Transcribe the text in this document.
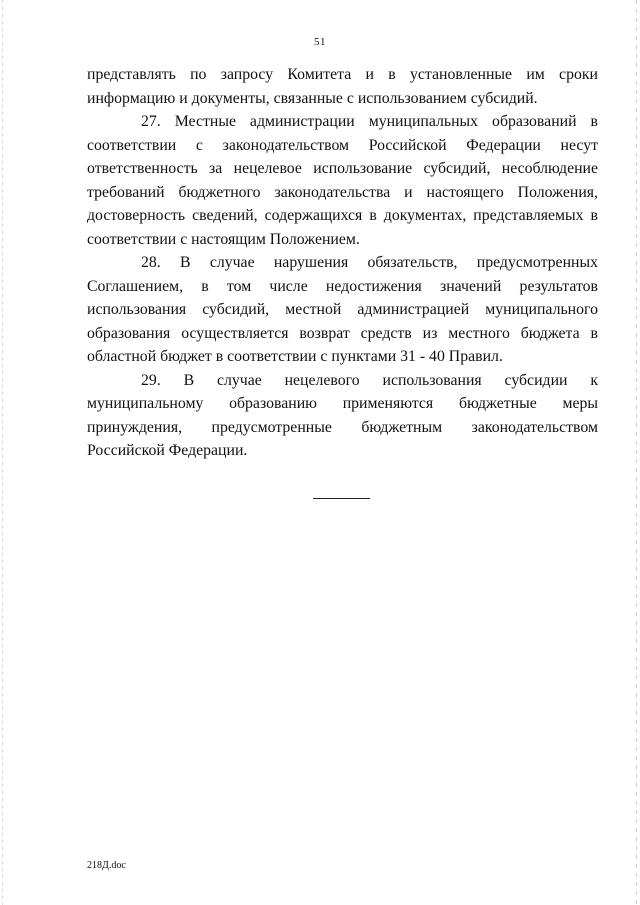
51

представлять по запросу Комитета и в установленные им сроки информацию и документы, связанные с использованием субсидий.

27. Местные администрации муниципальных образований в соответствии с законодательством Российской Федерации несут ответственность за нецелевое использование субсидий, несоблюдение требований бюджетного законодательства и настоящего Положения, достоверность сведений, содержащихся в документах, представляемых в соответствии с настоящим Положением.

28. В случае нарушения обязательств, предусмотренных Соглашением, в том числе недостижения значений результатов использования субсидий, местной администрацией муниципального образования осуществляется возврат средств из местного бюджета в областной бюджет в соответствии с пунктами 31 - 40 Правил.

29. В случае нецелевого использования субсидии к муниципальному образованию применяются бюджетные меры принуждения, предусмотренные бюджетным законодательством Российской Федерации.

218Д.doc
